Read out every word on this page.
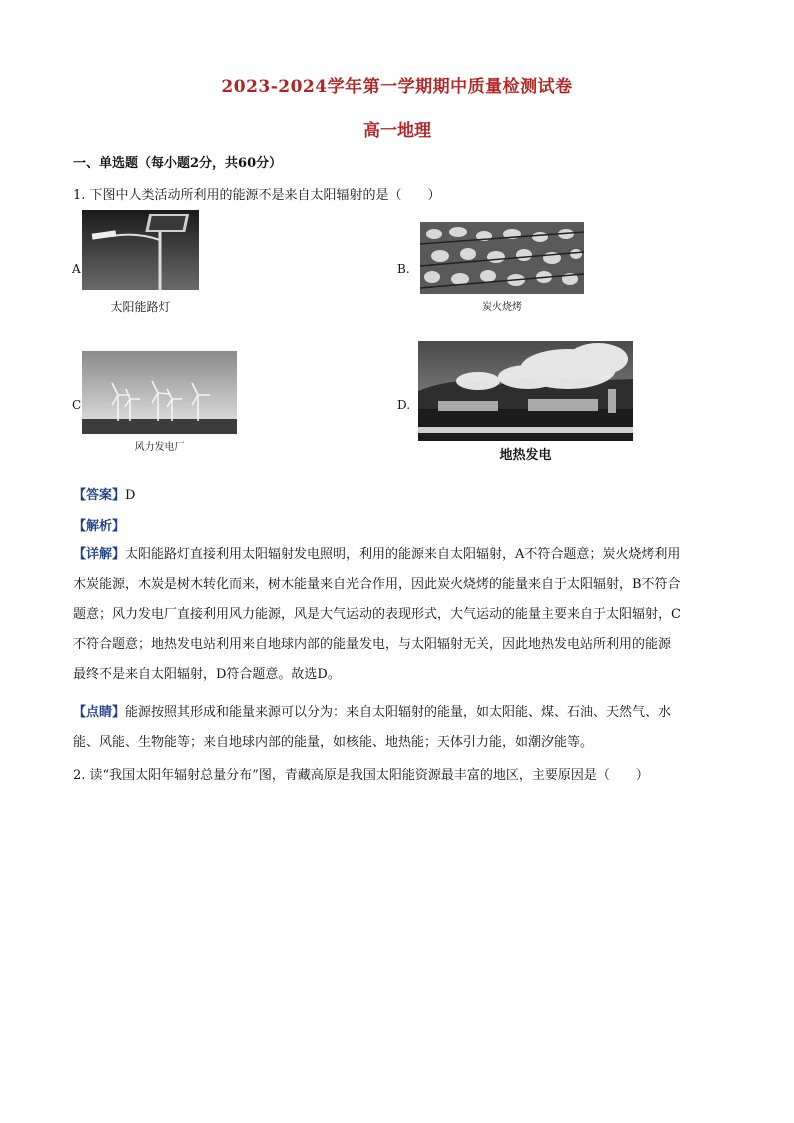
2023-2024学年第一学期期中质量检测试卷
高一地理
一、单选题（每小题2分，共60分）
1. 下图中人类活动所利用的能源不是来自太阳辐射的是（　　）
A
太阳能路灯
B.
炭火烧烤
C
风力发电厂
D.
地热发电
【答案】D
【解析】
【详解】太阳能路灯直接利用太阳辐射发电照明，利用的能源来自太阳辐射，A不符合题意；炭火烧烤利用
木炭能源，木炭是树木转化而来，树木能量来自光合作用，因此炭火烧烤的能量来自于太阳辐射，B不符合
题意；风力发电厂直接利用风力能源，风是大气运动的表现形式，大气运动的能量主要来自于太阳辐射，C
不符合题意；地热发电站利用来自地球内部的能量发电，与太阳辐射无关，因此地热发电站所利用的能源
最终不是来自太阳辐射，D符合题意。故选D。
【点睛】能源按照其形成和能量来源可以分为：来自太阳辐射的能量，如太阳能、煤、石油、天然气、水
能、风能、生物能等；来自地球内部的能量，如核能、地热能；天体引力能，如潮汐能等。
2. 读“我国太阳年辐射总量分布”图，青藏高原是我国太阳能资源最丰富的地区，主要原因是（　　）
